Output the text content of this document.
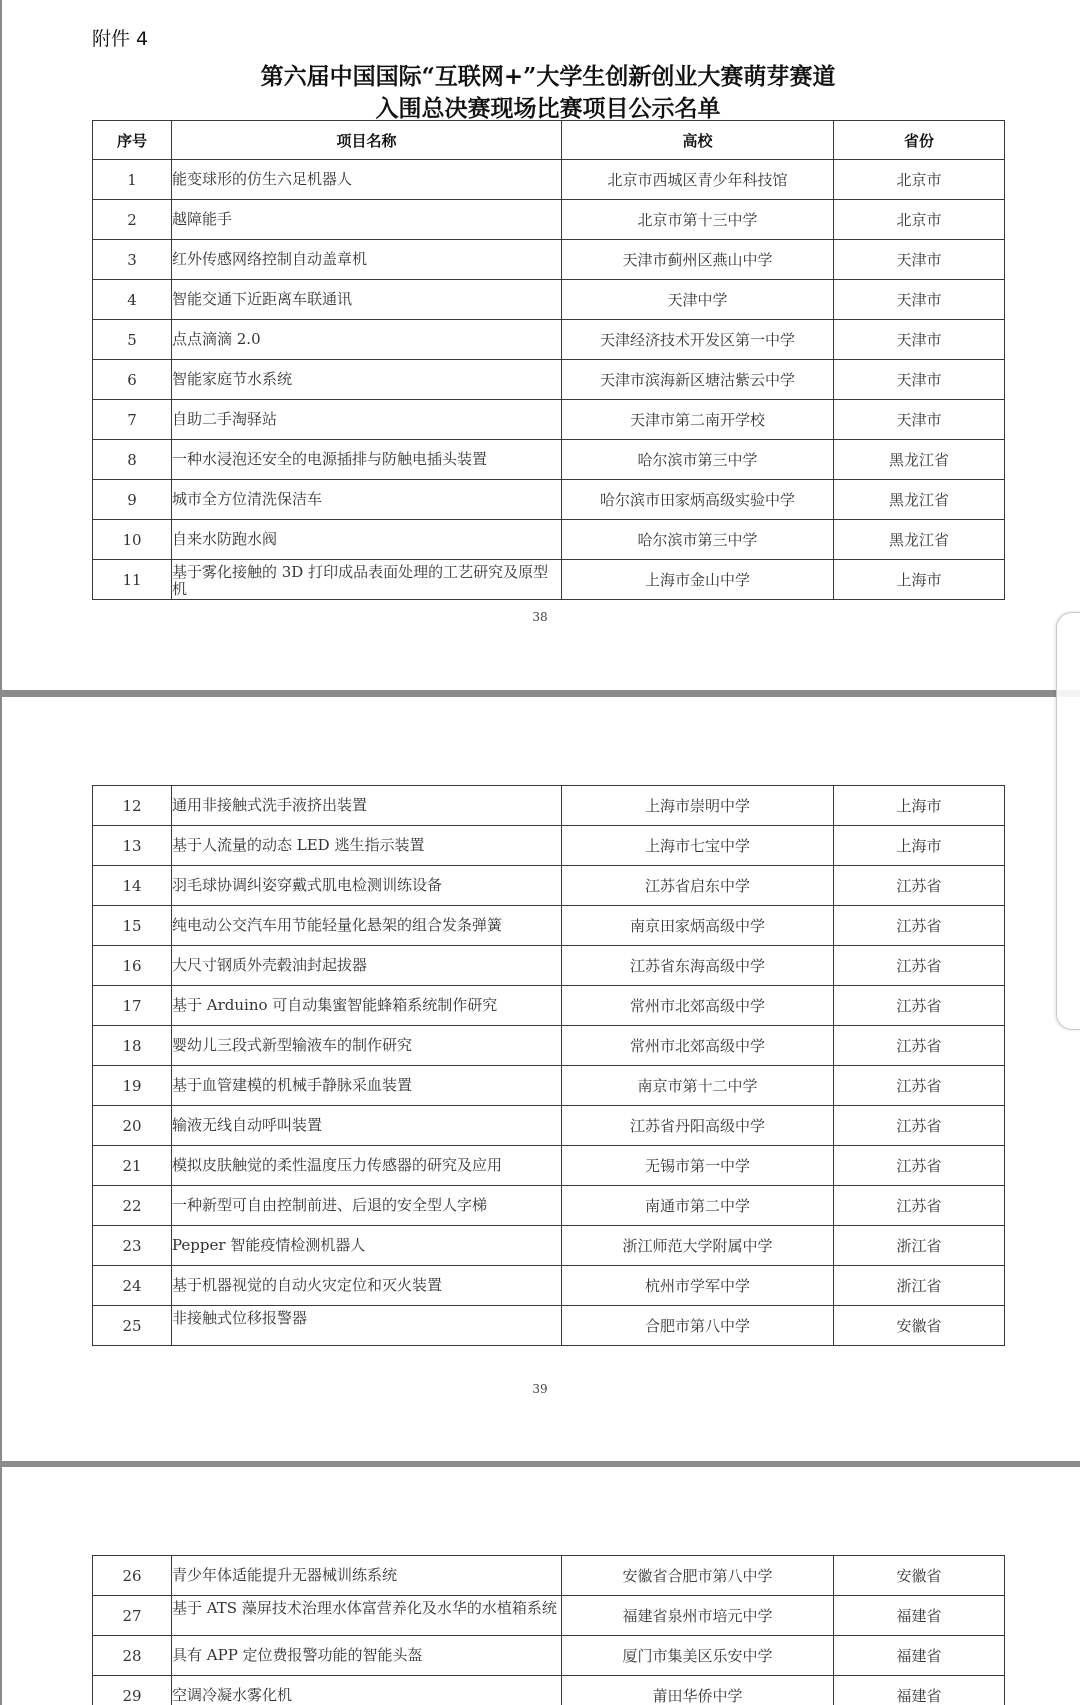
附件 4
第六届中国国际“互联网+”大学生创新创业大赛萌芽赛道
入围总决赛现场比赛项目公示名单
序号	项目名称	高校	省份
1	能变球形的仿生六足机器人	北京市西城区青少年科技馆	北京市
2	越障能手	北京市第十三中学	北京市
3	红外传感网络控制自动盖章机	天津市蓟州区燕山中学	天津市
4	智能交通下近距离车联通讯	天津中学	天津市
5	点点滴滴 2.0	天津经济技术开发区第一中学	天津市
6	智能家庭节水系统	天津市滨海新区塘沽紫云中学	天津市
7	自助二手淘驿站	天津市第二南开学校	天津市
8	一种水浸泡还安全的电源插排与防触电插头装置	哈尔滨市第三中学	黑龙江省
9	城市全方位清洗保洁车	哈尔滨市田家炳高级实验中学	黑龙江省
10	自来水防跑水阀	哈尔滨市第三中学	黑龙江省
11	基于雾化接触的 3D 打印成品表面处理的工艺研究及原型机	上海市金山中学	上海市
38
12	通用非接触式洗手液挤出装置	上海市崇明中学	上海市
13	基于人流量的动态 LED 逃生指示装置	上海市七宝中学	上海市
14	羽毛球协调纠姿穿戴式肌电检测训练设备	江苏省启东中学	江苏省
15	纯电动公交汽车用节能轻量化悬架的组合发条弹簧	南京田家炳高级中学	江苏省
16	大尺寸钢质外壳毂油封起拔器	江苏省东海高级中学	江苏省
17	基于 Arduino 可自动集蜜智能蜂箱系统制作研究	常州市北郊高级中学	江苏省
18	婴幼儿三段式新型输液车的制作研究	常州市北郊高级中学	江苏省
19	基于血管建模的机械手静脉采血装置	南京市第十二中学	江苏省
20	输液无线自动呼叫装置	江苏省丹阳高级中学	江苏省
21	模拟皮肤触觉的柔性温度压力传感器的研究及应用	无锡市第一中学	江苏省
22	一种新型可自由控制前进、后退的安全型人字梯	南通市第二中学	江苏省
23	Pepper 智能疫情检测机器人	浙江师范大学附属中学	浙江省
24	基于机器视觉的自动火灾定位和灭火装置	杭州市学军中学	浙江省
25	非接触式位移报警器	合肥市第八中学	安徽省
39
26	青少年体适能提升无器械训练系统	安徽省合肥市第八中学	安徽省
27	基于 ATS 藻屏技术治理水体富营养化及水华的水植箱系统	福建省泉州市培元中学	福建省
28	具有 APP 定位费报警功能的智能头盔	厦门市集美区乐安中学	福建省
29	空调冷凝水雾化机	莆田华侨中学	福建省
